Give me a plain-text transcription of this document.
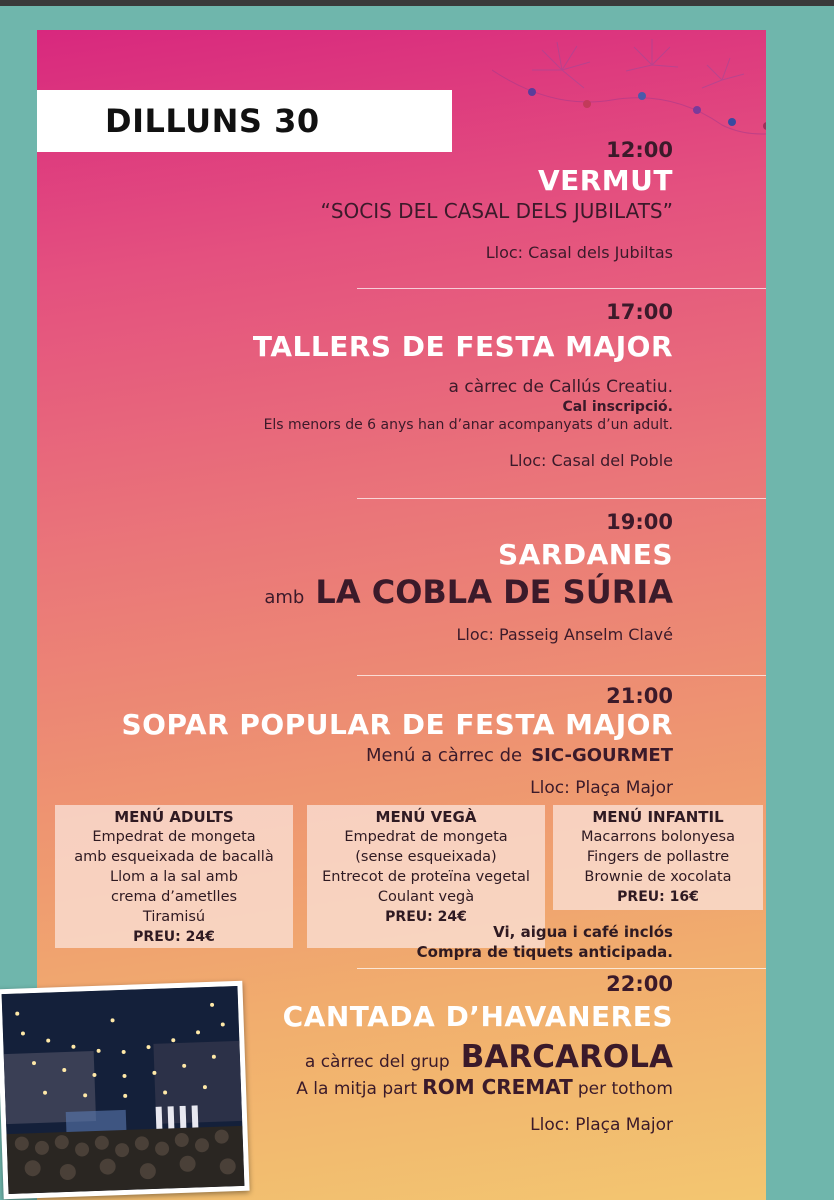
DILLUNS 30
12:00
VERMUT
“SOCIS DEL CASAL DELS JUBILATS”
Lloc: Casal dels Jubiltas
17:00
TALLERS DE FESTA MAJOR
a càrrec de Callús Creatiu.
Cal inscripció.
Els menors de 6 anys han d’anar acompanyats d’un adult.
Lloc: Casal del Poble
19:00
SARDANES
amb LA COBLA DE SÚRIA
Lloc: Passeig Anselm Clavé
21:00
SOPAR POPULAR DE FESTA MAJOR
Menú a càrrec de SIC-GOURMET
Lloc: Plaça Major
MENÚ ADULTS
Empedrat de mongeta
amb esqueixada de bacallà
Llom a la sal amb
crema d’ametlles
Tiramisú
PREU: 24€
MENÚ VEGÀ
Empedrat de mongeta
(sense esqueixada)
Entrecot de proteïna vegetal
Coulant vegà
PREU: 24€
MENÚ INFANTIL
Macarrons bolonyesa
Fingers de pollastre
Brownie de xocolata
PREU: 16€
Vi, aigua i café inclós
Compra de tiquets anticipada.
22:00
CANTADA D’HAVANERES
a càrrec del grup BARCAROLA
A la mitja part ROM CREMAT per tothom
Lloc: Plaça Major
